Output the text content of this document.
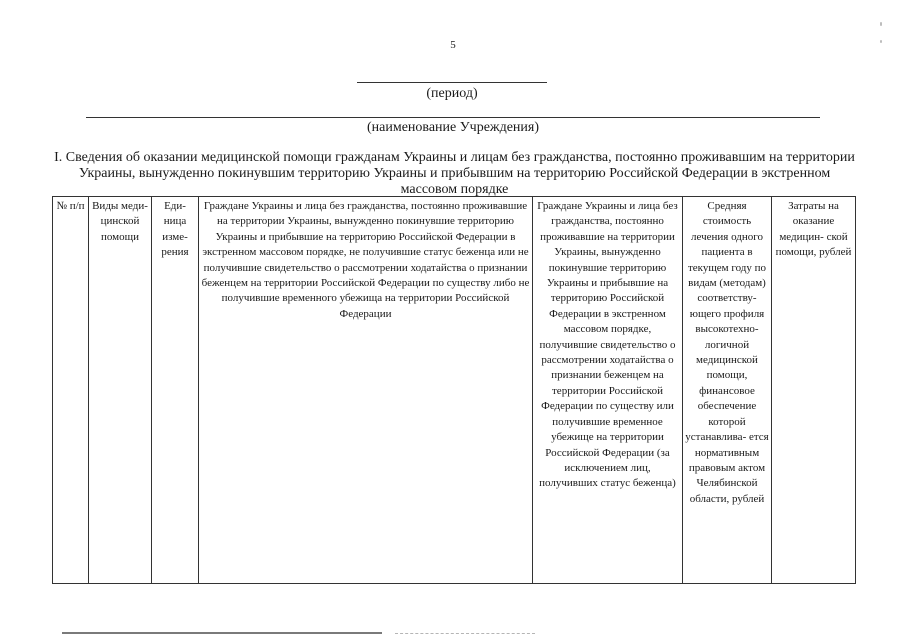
5
(период)
(наименование Учреждения)
I. Сведения об оказании медицинской помощи гражданам Украины и лицам без гражданства, постоянно проживавшим на территории Украины, вынужденно покинувшим территорию Украины и прибывшим на территорию Российской Федерации в экстренном массовом порядке
№ п/п	Виды меди- цинской помощи	Еди- ница изме- рения	Граждане Украины и лица без гражданства, постоянно проживавшие на территории Украины, вынужденно покинувшие территорию Украины и прибывшие на территорию Российской Федерации в экстренном массовом порядке, не получившие статус беженца или не получившие свидетельство о рассмотрении ходатайства о признании беженцем на территории Российской Федерации по существу либо не получившие временного убежища на территории Российской Федерации	Граждане Украины и лица без гражданства, постоянно проживавшие на территории Украины, вынужденно покинувшие территорию Украины и прибывшие на территорию Российской Федерации в экстренном массовом порядке, получившие свидетельство о рассмотрении ходатайства о признании беженцем на территории Российской Федерации по существу или получившие временное убежище на территории Российской Федерации (за исключением лиц, получивших статус беженца)	Средняя стоимость лечения одного пациента в текущем году по видам (методам) соответству- ющего профиля высокотехно- логичной медицинской помощи, финансовое обеспечение которой устанавлива- ется нормативным правовым актом Челябинской области, рублей	Затраты на оказание медицин- ской помощи, рублей
